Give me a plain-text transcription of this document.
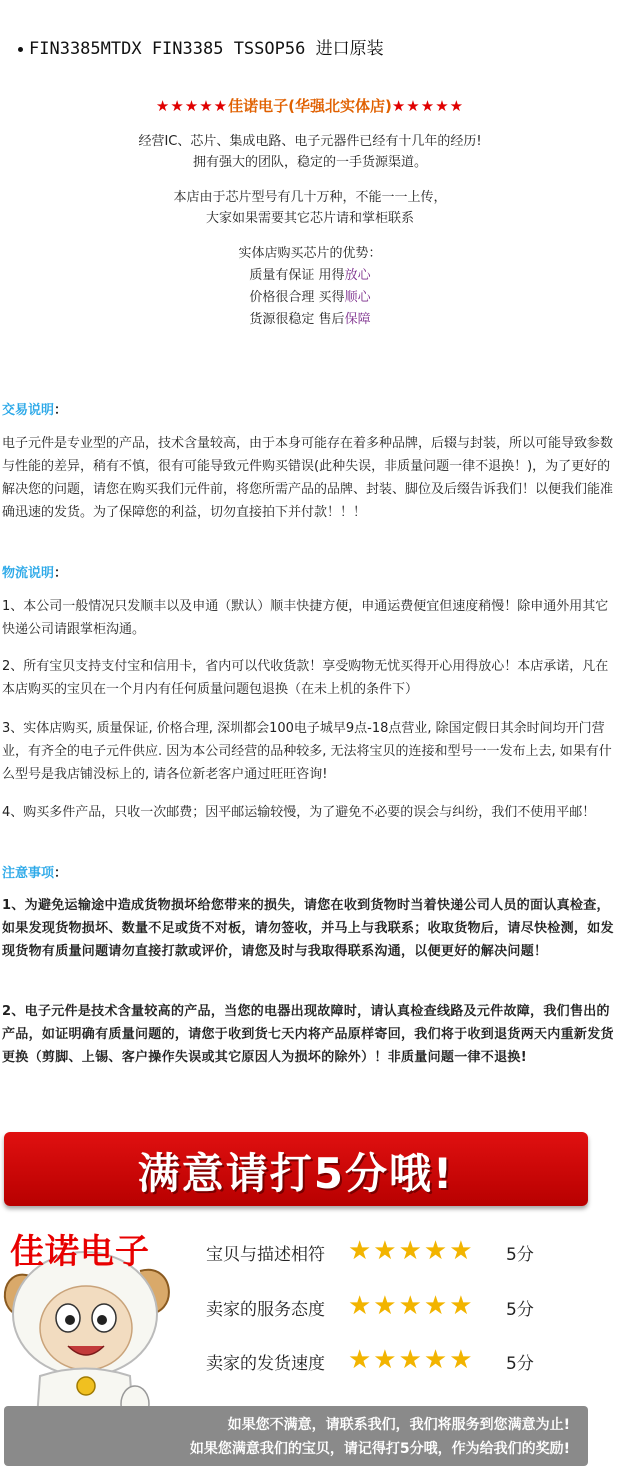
FIN3385MTDX FIN3385 TSSOP56 进口原装
★★★★★佳诺电子(华强北实体店)★★★★★
经营IC、芯片、集成电路、电子元器件已经有十几年的经历!
拥有强大的团队，稳定的一手货源渠道。
本店由于芯片型号有几十万种，不能一一上传，
大家如果需要其它芯片请和掌柜联系
实体店购买芯片的优势：
质量有保证 用得放心
价格很合理 买得顺心
货源很稳定 售后保障
交易说明：
电子元件是专业型的产品，技术含量较高，由于本身可能存在着多种品牌，后辍与封装，所以可能导致参数与性能的差异，稍有不慎，很有可能导致元件购买错误(此种失误，非质量问题一律不退换！)，为了更好的解决您的问题，请您在购买我们元件前，将您所需产品的品牌、封装、脚位及后缀告诉我们！以便我们能准确迅速的发货。为了保障您的利益，切勿直接拍下并付款！！！
物流说明：
1、本公司一般情况只发顺丰以及申通（默认）顺丰快捷方便，申通运费便宜但速度稍慢！除申通外用其它快递公司请跟掌柜沟通。
2、所有宝贝支持支付宝和信用卡，省内可以代收货款！享受购物无忧买得开心用得放心！本店承诺，凡在本店购买的宝贝在一个月内有任何质量问题包退换（在未上机的条件下）
3、实体店购买, 质量保证, 价格合理, 深圳都会100电子城早9点-18点营业, 除国定假日其余时间均开门营业，有齐全的电子元件供应. 因为本公司经营的品种较多, 无法将宝贝的连接和型号一一发布上去, 如果有什么型号是我店铺没标上的, 请各位新老客户通过旺旺咨询!
4、购买多件产品，只收一次邮费；因平邮运输较慢，为了避免不必要的误会与纠纷，我们不使用平邮！
注意事项：
1、为避免运输途中造成货物损坏给您带来的损失，请您在收到货物时当着快递公司人员的面认真检查，如果发现货物损坏、数量不足或货不对板，请勿签收，并马上与我联系；收取货物后，请尽快检测，如发现货物有质量问题请勿直接打款或评价，请您及时与我取得联系沟通，以便更好的解决问题！
2、电子元件是技术含量较高的产品，当您的电器出现故障时，请认真检查线路及元件故障，我们售出的产品，如证明确有质量问题的，请您于收到货七天内将产品原样寄回，我们将于收到退货两天内重新发货更换（剪脚、上锡、客户操作失误或其它原因人为损坏的除外）！非质量问题一律不退换!
满意请打5分哦!
佳诺电子	宝贝与描述相符 ★★★★★ 5分
卖家的服务态度 ★★★★★ 5分
卖家的发货速度 ★★★★★ 5分
如果您不满意，请联系我们，我们将服务到您满意为止!
如果您满意我们的宝贝，请记得打5分哦，作为给我们的奖励!
